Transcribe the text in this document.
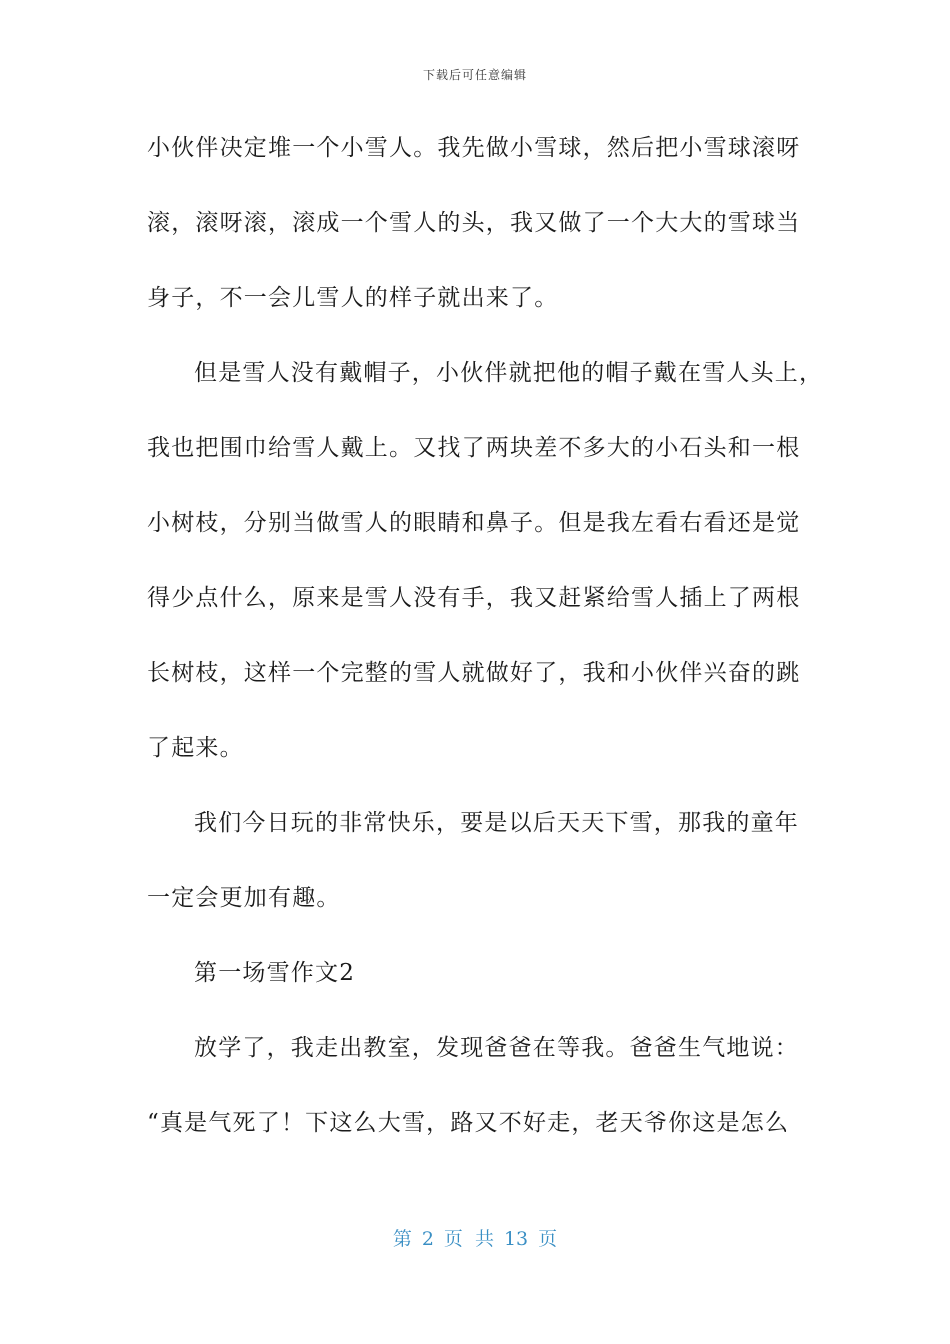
下载后可任意编辑
小伙伴决定堆一个小雪人。我先做小雪球，然后把小雪球滚呀
滚，滚呀滚，滚成一个雪人的头，我又做了一个大大的雪球当
身子，不一会儿雪人的样子就出来了。
但是雪人没有戴帽子，小伙伴就把他的帽子戴在雪人头上，
我也把围巾给雪人戴上。又找了两块差不多大的小石头和一根
小树枝，分别当做雪人的眼睛和鼻子。但是我左看右看还是觉
得少点什么，原来是雪人没有手，我又赶紧给雪人插上了两根
长树枝，这样一个完整的雪人就做好了，我和小伙伴兴奋的跳
了起来。
我们今日玩的非常快乐，要是以后天天下雪，那我的童年
一定会更加有趣。
第一场雪作文2
放学了，我走出教室，发现爸爸在等我。爸爸生气地说：
“真是气死了！下这么大雪，路又不好走，老天爷你这是怎么
第 2 页 共 13 页
